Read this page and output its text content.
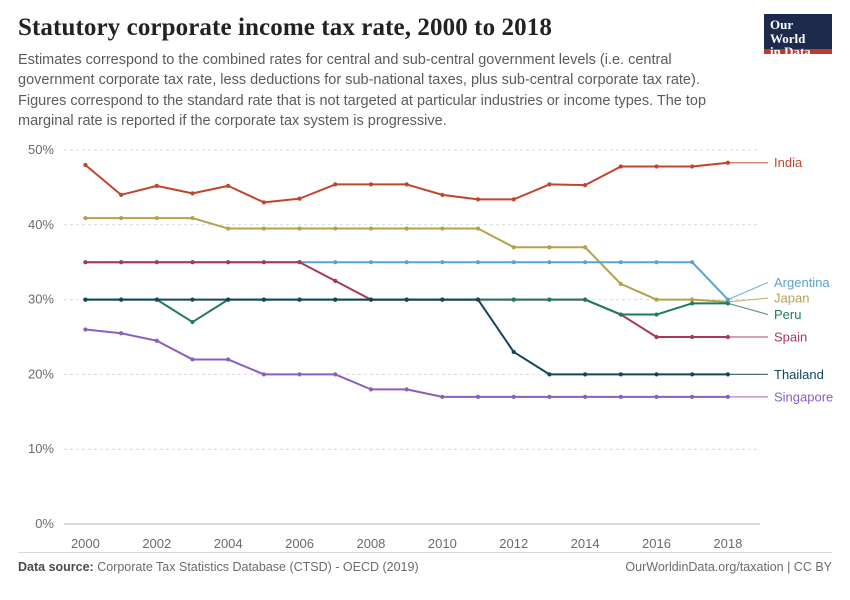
Statutory corporate income tax rate, 2000 to 2018

Estimates correspond to the combined rates for central and sub-central government levels (i.e. central government corporate tax rate, less deductions for sub-national taxes, plus sub-central corporate tax rate). Figures correspond to the standard rate that is not targeted at particular industries or income types. The top marginal rate is reported if the corporate tax system is progressive.

Our World
in Data
0%
10%
20%
30%
40%
50%
2000	2002	2004	2006	2008	2010	2012	2014	2016	2018
India
Argentina
Japan
Peru
Spain
Thailand
Singapore
Data source: Corporate Tax Statistics Database (CTSD) - OECD (2019)	OurWorldinData.org/taxation | CC BY
